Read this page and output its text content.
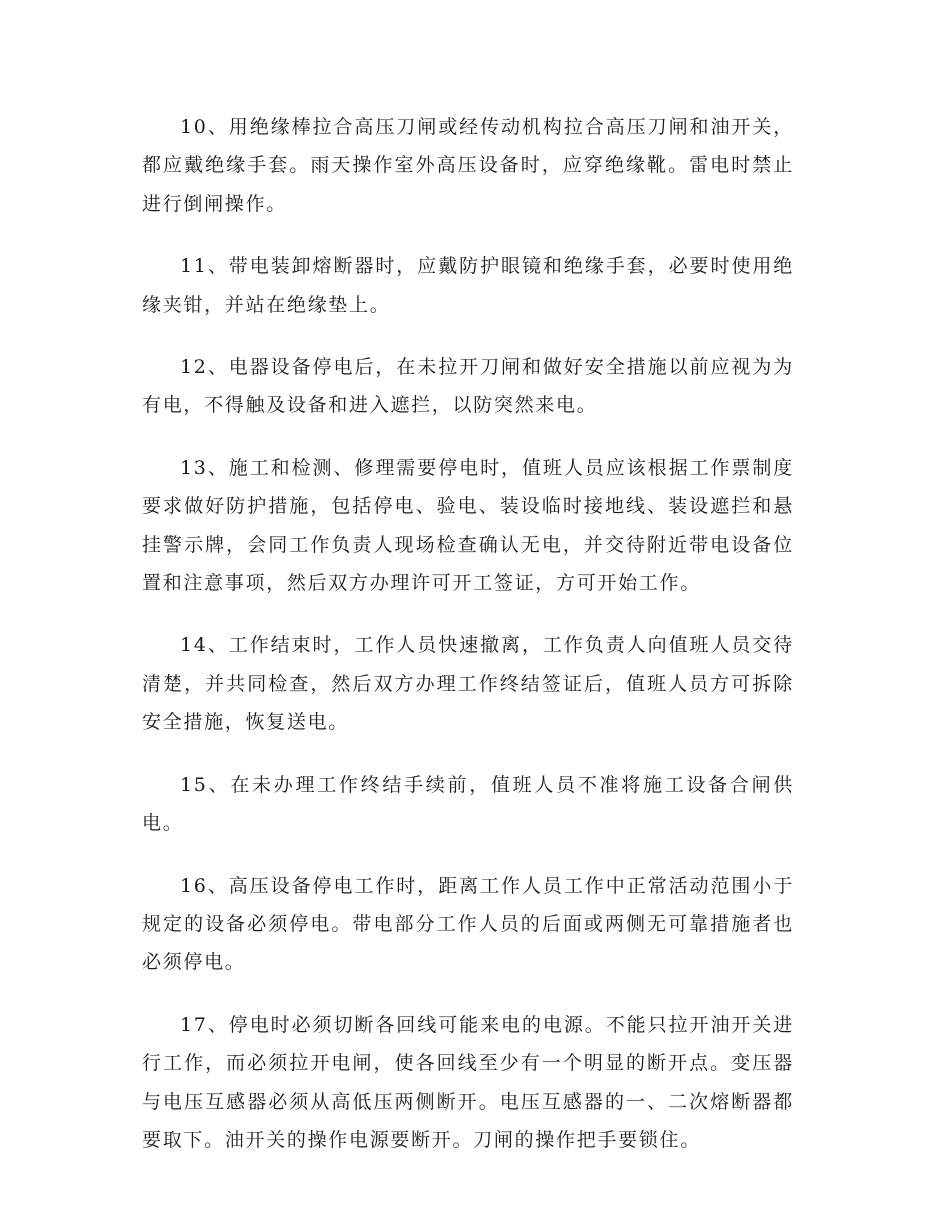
10、用绝缘棒拉合高压刀闸或经传动机构拉合高压刀闸和油开关，都应戴绝缘手套。雨天操作室外高压设备时，应穿绝缘靴。雷电时禁止进行倒闸操作。

11、带电装卸熔断器时，应戴防护眼镜和绝缘手套，必要时使用绝缘夹钳，并站在绝缘垫上。

12、电器设备停电后，在未拉开刀闸和做好安全措施以前应视为为有电，不得触及设备和进入遮拦，以防突然来电。

13、施工和检测、修理需要停电时，值班人员应该根据工作票制度要求做好防护措施，包括停电、验电、装设临时接地线、装设遮拦和悬挂警示牌，会同工作负责人现场检查确认无电，并交待附近带电设备位置和注意事项，然后双方办理许可开工签证，方可开始工作。

14、工作结束时，工作人员快速撤离，工作负责人向值班人员交待清楚，并共同检查，然后双方办理工作终结签证后，值班人员方可拆除安全措施，恢复送电。

15、在未办理工作终结手续前，值班人员不准将施工设备合闸供电。

16、高压设备停电工作时，距离工作人员工作中正常活动范围小于规定的设备必须停电。带电部分工作人员的后面或两侧无可靠措施者也必须停电。

17、停电时必须切断各回线可能来电的电源。不能只拉开油开关进行工作，而必须拉开电闸，使各回线至少有一个明显的断开点。变压器与电压互感器必须从高低压两侧断开。电压互感器的一、二次熔断器都要取下。油开关的操作电源要断开。刀闸的操作把手要锁住。
